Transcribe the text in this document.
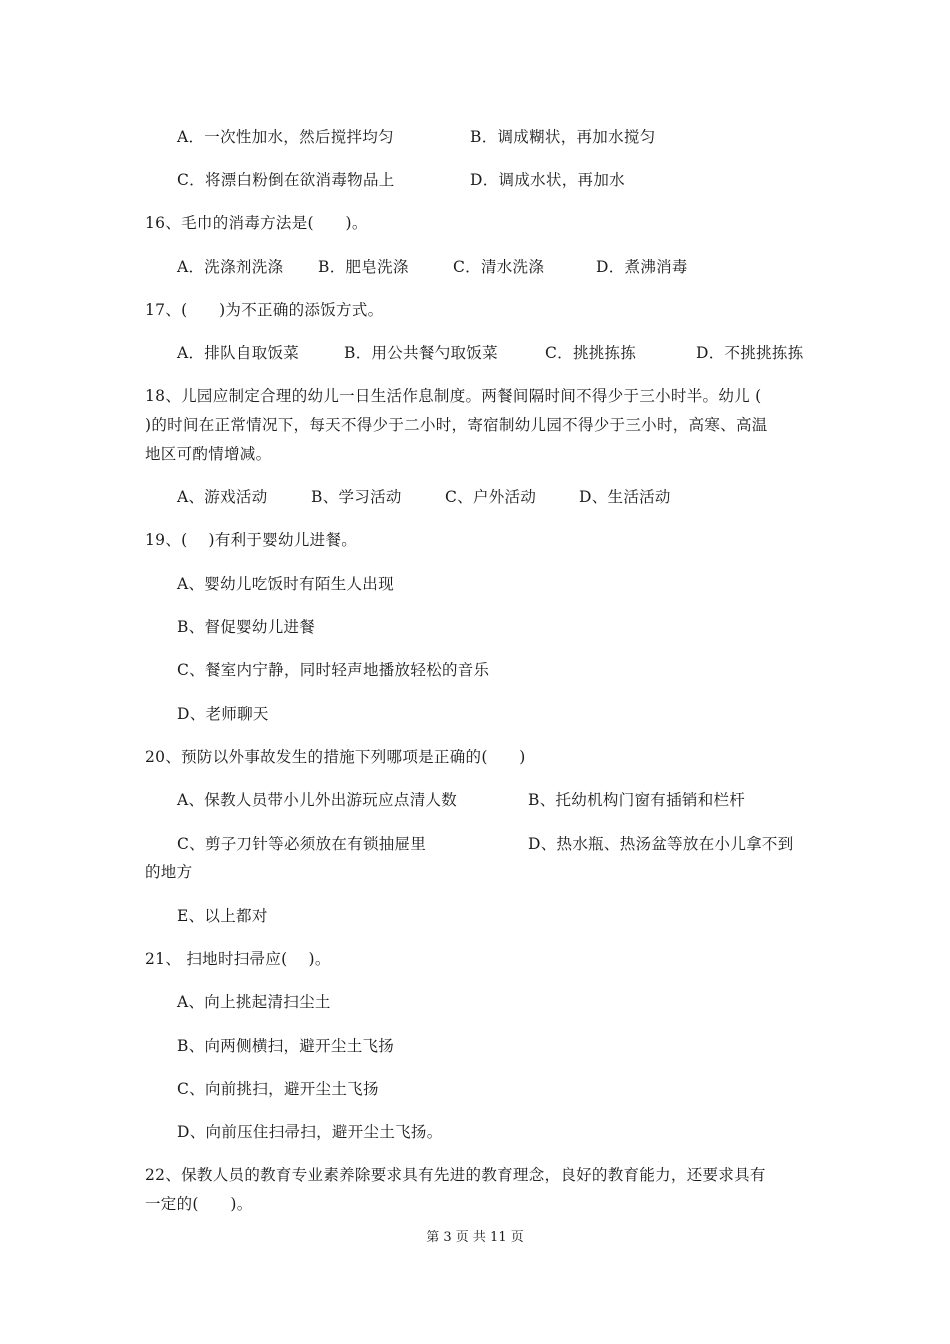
A．一次性加水，然后搅拌均匀	B．调成糊状，再加水搅匀
C．将漂白粉倒在欲消毒物品上	D．调成水状，再加水
16、毛巾的消毒方法是(　　)。
A．洗涤剂洗涤 B．肥皂洗涤	C．清水洗涤	D．煮沸消毒
17、(　　)为不正确的添饭方式。
A．排队自取饭菜	B．用公共餐勺取饭菜	C．挑挑拣拣	D．不挑挑拣拣
18、儿园应制定合理的幼儿一日生活作息制度。两餐间隔时间不得少于三小时半。幼儿 (
)的时间在正常情况下，每天不得少于二小时，寄宿制幼儿园不得少于三小时，高寒、高温
地区可酌情增减。
A、游戏活动	B、学习活动	C、户外活动	D、生活活动
19、(　 )有利于婴幼儿进餐。
A、婴幼儿吃饭时有陌生人出现
B、督促婴幼儿进餐
C、餐室内宁静，同时轻声地播放轻松的音乐
D、老师聊天
20、预防以外事故发生的措施下列哪项是正确的(　　)
A、保教人员带小儿外出游玩应点清人数	B、托幼机构门窗有插销和栏杆
C、剪子刀针等必须放在有锁抽屉里	D、热水瓶、热汤盆等放在小儿拿不到
的地方
E、以上都对
21、 扫地时扫帚应(　 )。
A、向上挑起清扫尘土
B、向两侧横扫，避开尘土飞扬
C、向前挑扫，避开尘土飞扬
D、向前压住扫帚扫，避开尘土飞扬。
22、保教人员的教育专业素养除要求具有先进的教育理念，良好的教育能力，还要求具有
一定的(　　)。
第 3 页 共 11 页
